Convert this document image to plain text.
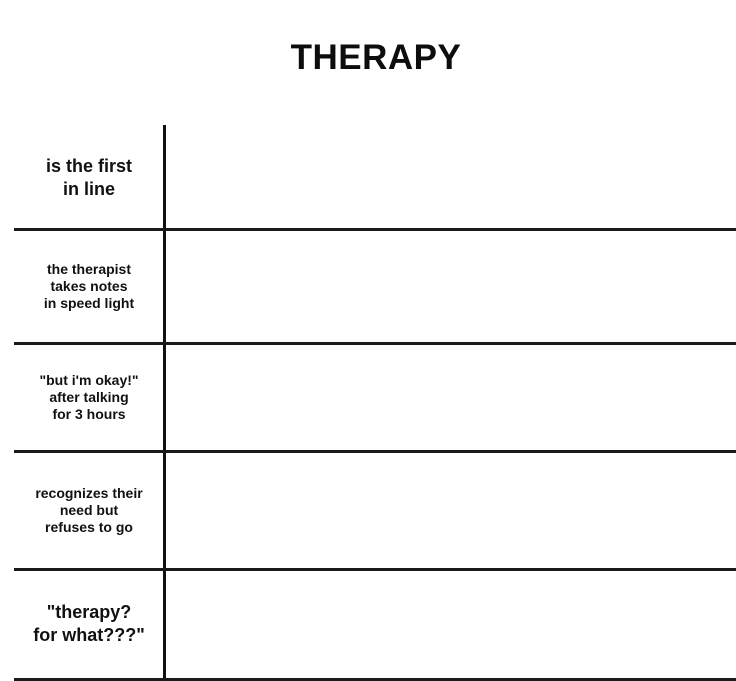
THERAPY
is the first
in line
the therapist
takes notes
in speed light
"but i'm okay!"
after talking
for 3 hours
recognizes their
need but
refuses to go
"therapy?
for what???"
